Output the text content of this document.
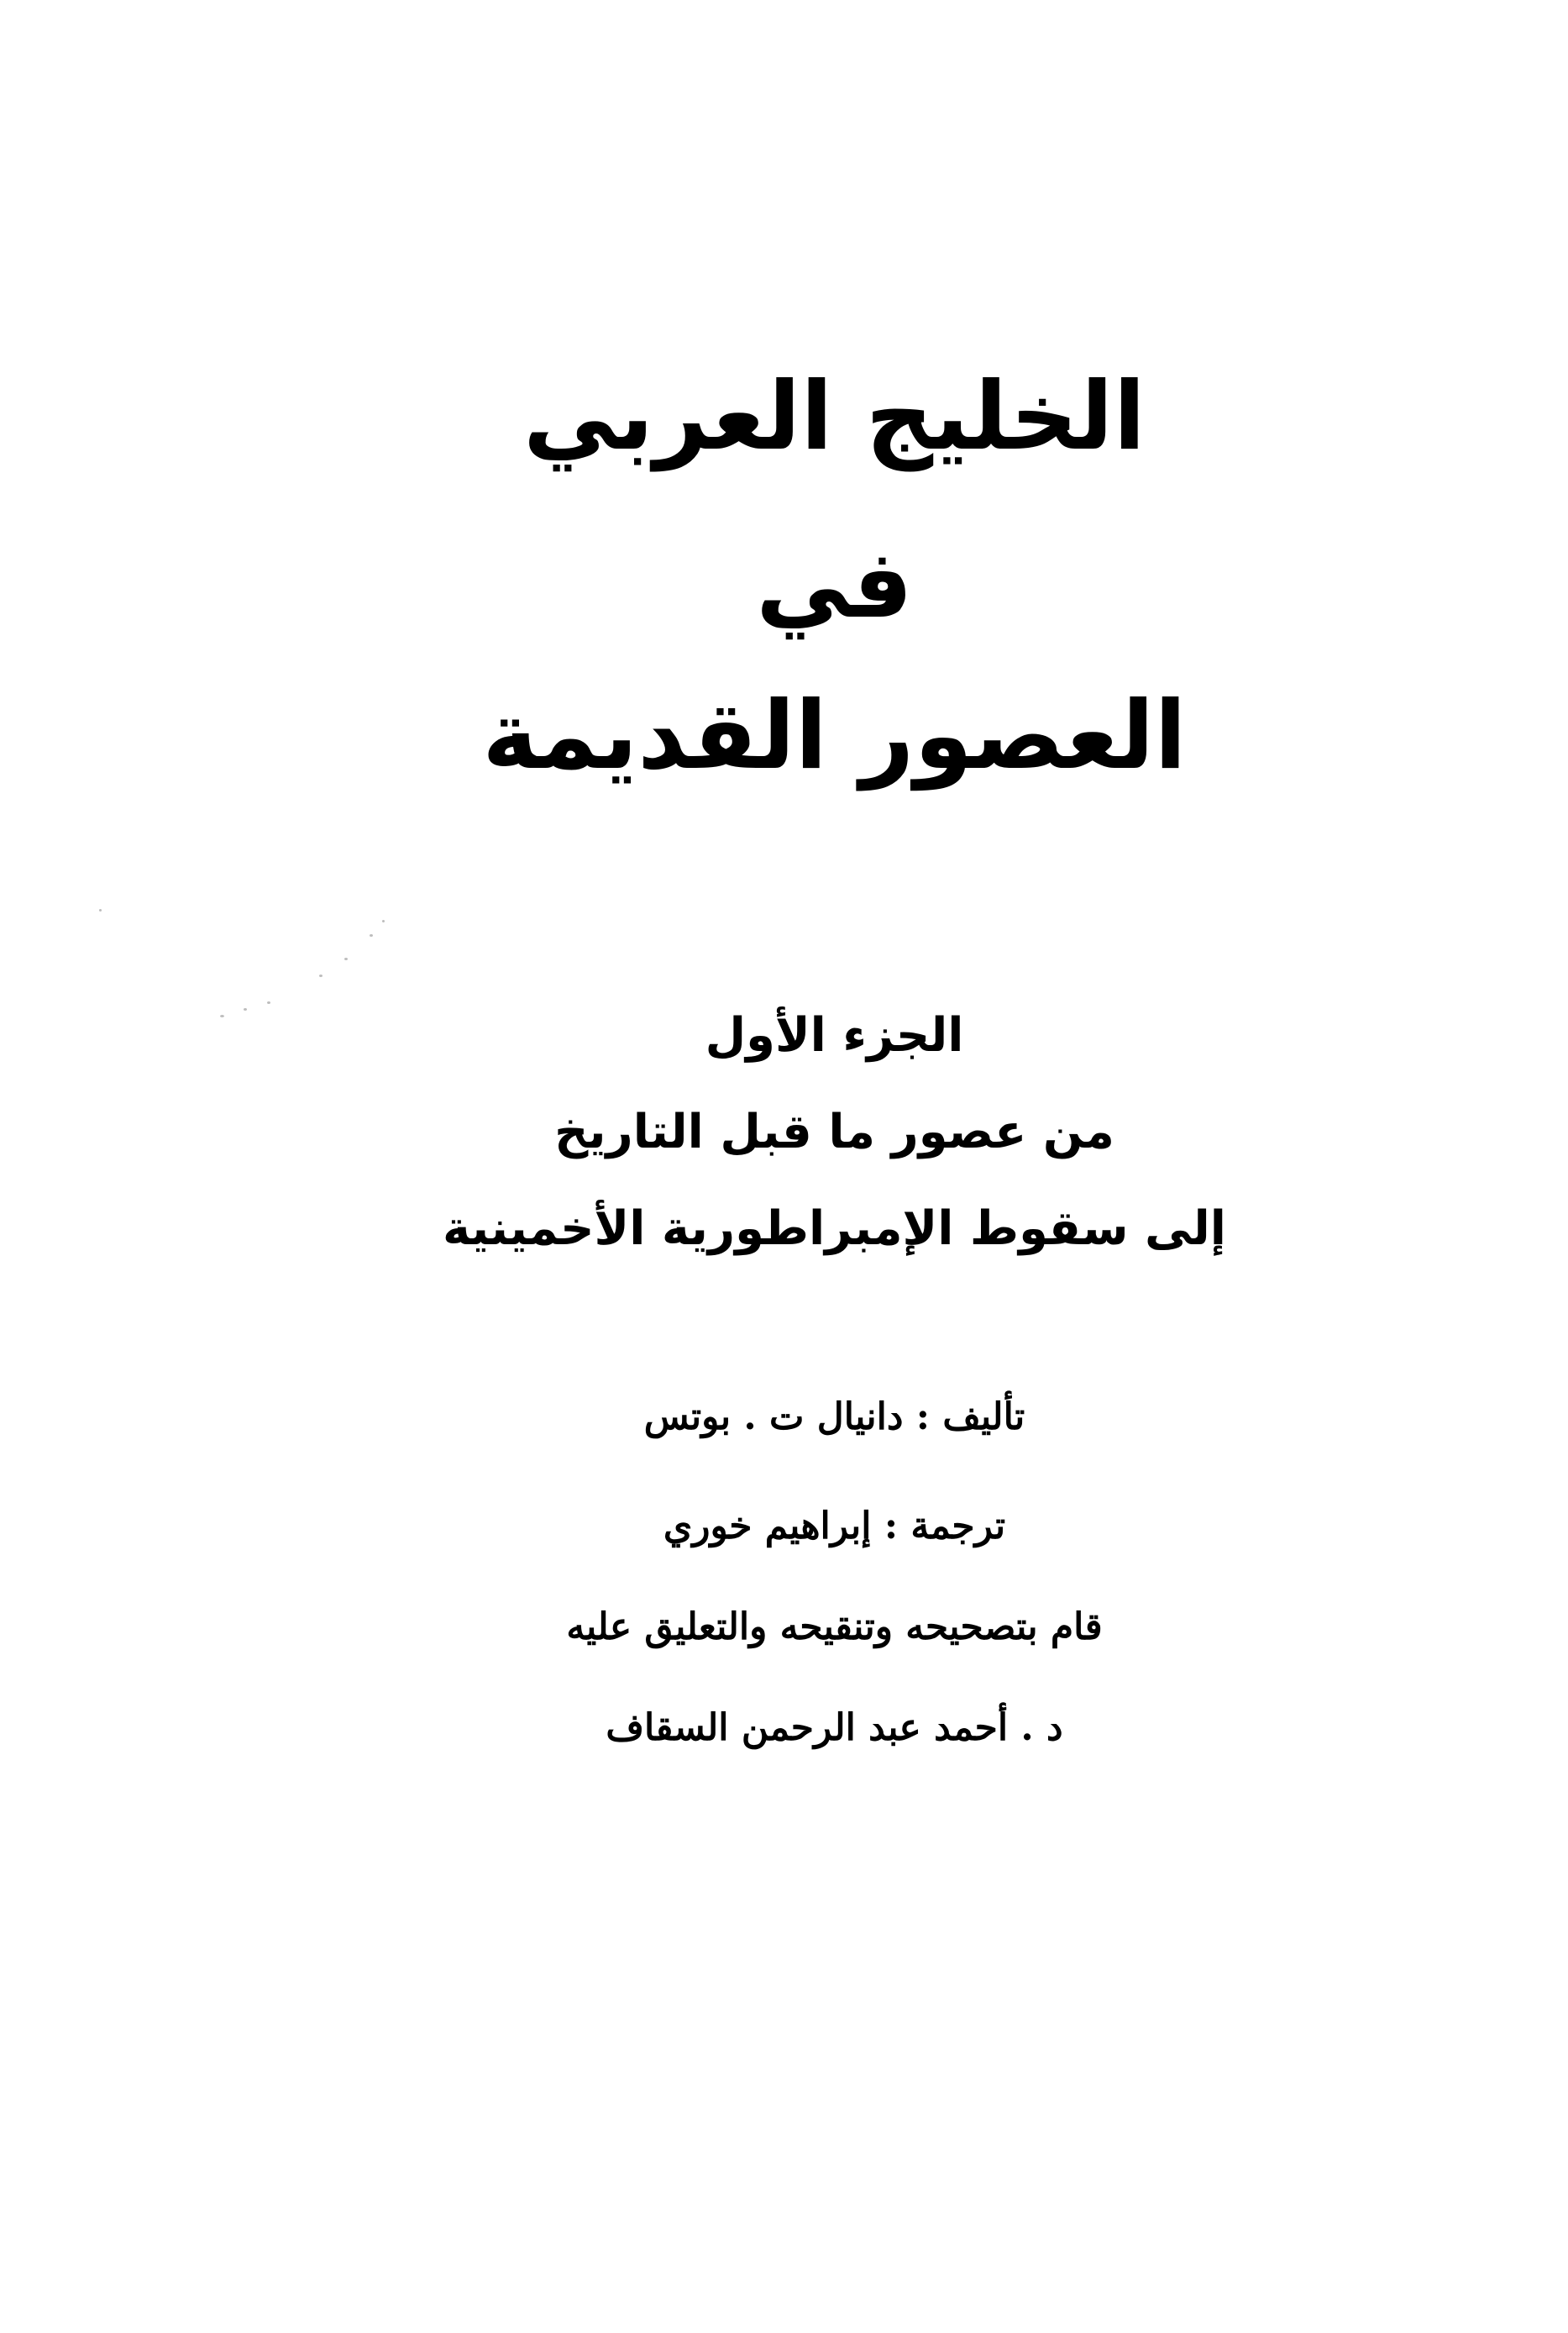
الخليج العربي
في
العصور القديمة
الجزء الأول
من عصور ما قبل التاريخ
إلى سقوط الإمبراطورية الأخمينية
تأليف : دانيال ت . بوتس
ترجمة : إبراهيم خوري
قام بتصحيحه وتنقيحه والتعليق عليه
د . أحمد عبد الرحمن السقاف
